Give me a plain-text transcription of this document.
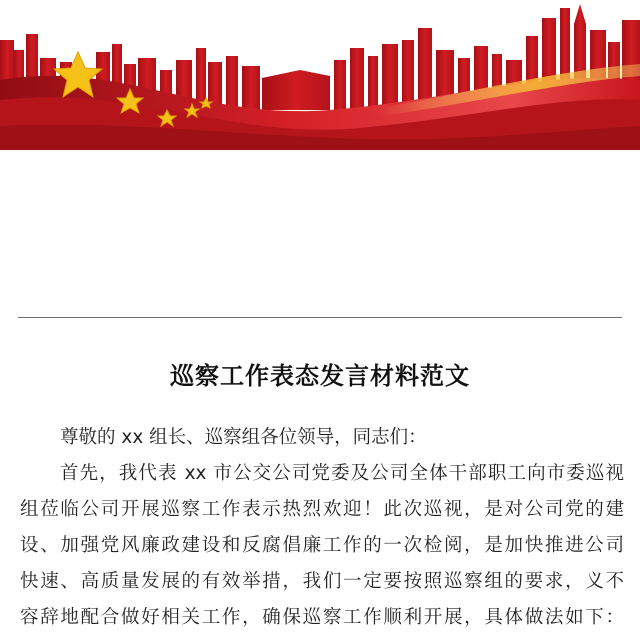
巡察工作表态发言材料范文
尊敬的 xx 组长、巡察组各位领导，同志们：
首先，我代表 xx 市公交公司党委及公司全体干部职工向市委巡视
组莅临公司开展巡察工作表示热烈欢迎！此次巡视，是对公司党的建
设、加强党风廉政建设和反腐倡廉工作的一次检阅，是加快推进公司
快速、高质量发展的有效举措，我们一定要按照巡察组的要求，义不
容辞地配合做好相关工作，确保巡察工作顺利开展，具体做法如下：
